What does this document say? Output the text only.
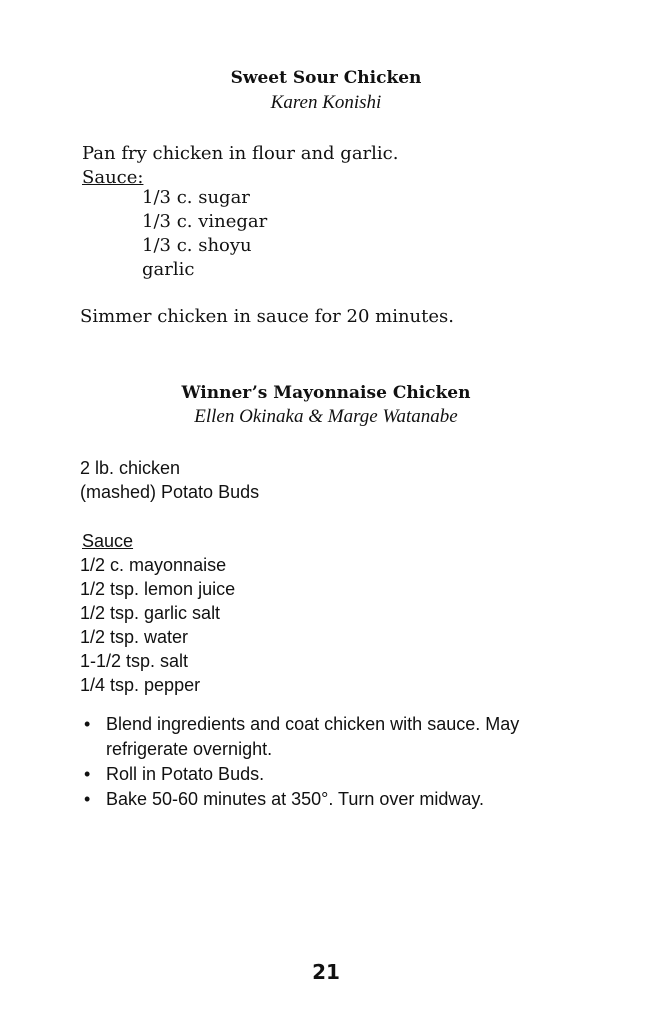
Sweet Sour Chicken
Karen Konishi
Pan fry chicken in flour and garlic.
Sauce:
1/3 c. sugar
1/3 c. vinegar
1/3 c. shoyu
garlic
Simmer chicken in sauce for 20 minutes.
Winner’s Mayonnaise Chicken
Ellen Okinaka & Marge Watanabe
2 lb. chicken
(mashed) Potato Buds
Sauce
1/2 c. mayonnaise
1/2 tsp. lemon juice
1/2 tsp. garlic salt
1/2 tsp. water
1-1/2 tsp. salt
1/4 tsp. pepper
• Blend ingredients and coat chicken with sauce. May refrigerate overnight.
• Roll in Potato Buds.
• Bake 50-60 minutes at 350°. Turn over midway.
21
